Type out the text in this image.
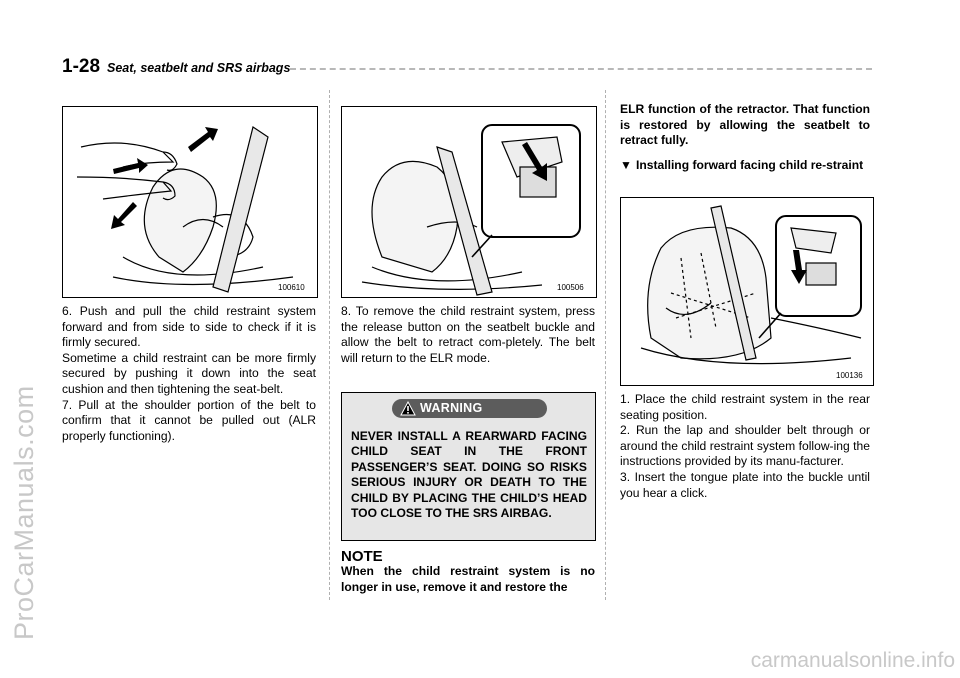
1-28 Seat, seatbelt and SRS airbags
100610	100506
100136

6. Push and pull the child restraint system forward and from side to side to check if it is firmly secured.

Sometime a child restraint can be more firmly secured by pushing it down into the seat cushion and then tightening the seat-belt.

7. Pull at the shoulder portion of the belt to confirm that it cannot be pulled out (ALR properly functioning).

8. To remove the child restraint system, press the release button on the seatbelt buckle and allow the belt to retract com-pletely. The belt will return to the ELR mode.

WARNING
NEVER INSTALL A REARWARD FACING CHILD SEAT IN THE FRONT PASSENGER’S SEAT. DOING SO RISKS SERIOUS INJURY OR DEATH TO THE CHILD BY PLACING THE CHILD’S HEAD TOO CLOSE TO THE SRS AIRBAG.
NOTE
When the child restraint system is no longer in use, remove it and restore the
ELR function of the retractor. That function is restored by allowing the seatbelt to retract fully.
▼ Installing forward facing child re-straint

1. Place the child restraint system in the rear seating position.

2. Run the lap and shoulder belt through or around the child restraint system follow-ing the instructions provided by its manu-facturer.

3. Insert the tongue plate into the buckle until you hear a click.

ProCarManuals.com
carmanualsonline.info
